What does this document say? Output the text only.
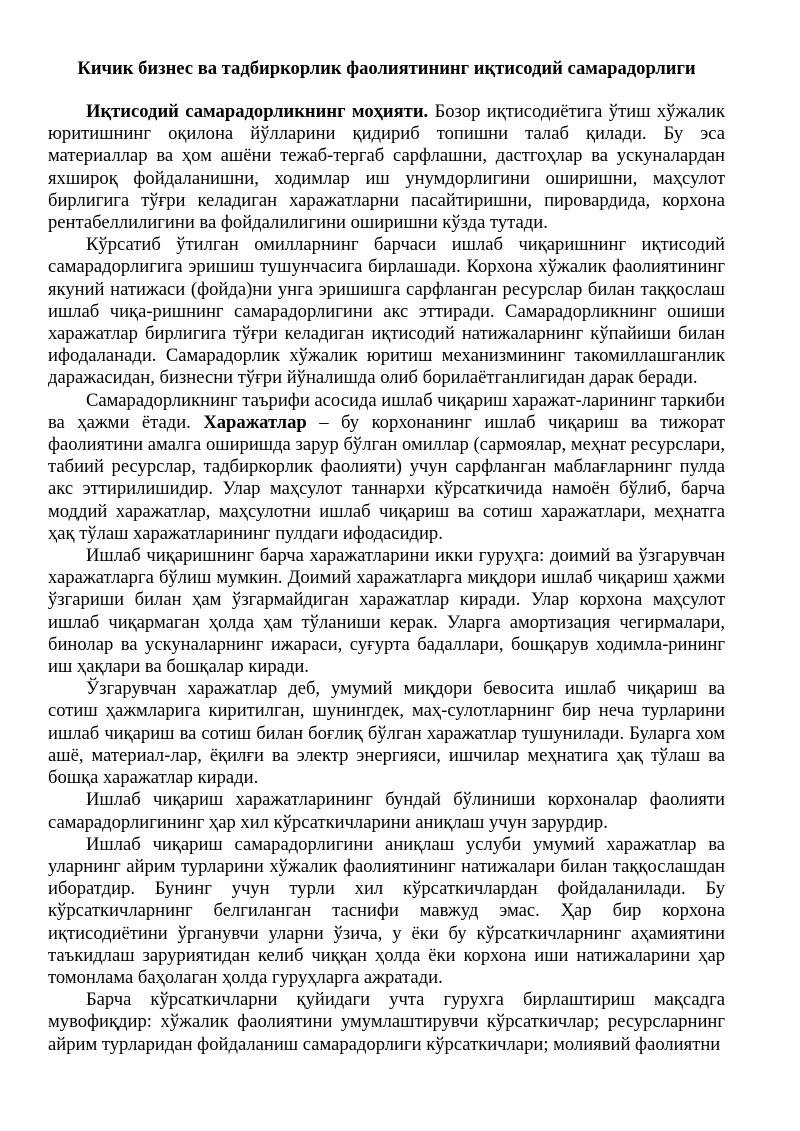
Кичик бизнес ва тадбиркорлик фаолиятининг иқтисодий самарадорлиги

Иқтисодий самарадорликнинг моҳияти. Бозор иқтисодиётига ўтиш хўжалик юритишнинг оқилона йўлларини қидириб топишни талаб қилади. Бу эса материаллар ва ҳом ашёни тежаб-тергаб сарфлашни, дастгоҳлар ва ускуналардан яхшироқ фойдаланишни, ходимлар иш унумдорлигини оширишни, маҳсулот бирлигига тўғри келадиган харажатларни пасайтиришни, пировардида, корхона рентабеллилигини ва фойдалилигини оширишни кўзда тутади.

Кўрсатиб ўтилган омилларнинг барчаси ишлаб чиқаришнинг иқтисодий самарадорлигига эришиш тушунчасига бирлашади. Корхона хўжалик фаолиятининг якуний натижаси (фойда)ни унга эришишга сарфланган ресурслар билан таққослаш ишлаб чиқа-ришнинг самарадорлигини акс эттиради. Самарадорликнинг ошиши харажатлар бирлигига тўғри келадиган иқтисодий натижаларнинг кўпайиши билан ифодаланади. Самарадорлик хўжалик юритиш механизмининг такомиллашганлик даражасидан, бизнесни тўғри йўналишда олиб борилаётганлигидан дарак беради.

Самарадорликнинг таърифи асосида ишлаб чиқариш харажат-ларининг таркиби ва ҳажми ётади. Харажатлар – бу корхонанинг ишлаб чиқариш ва тижорат фаолиятини амалга оширишда зарур бўлган омиллар (сармоялар, меҳнат ресурслари, табиий ресурслар, тадбиркорлик фаолияти) учун сарфланган маблағларнинг пулда акс эттирилишидир. Улар маҳсулот таннархи кўрсаткичида намоён бўлиб, барча моддий харажатлар, маҳсулотни ишлаб чиқариш ва сотиш харажатлари, меҳнатга ҳақ тўлаш харажатларининг пулдаги ифодасидир.

Ишлаб чиқаришнинг барча харажатларини икки гуруҳга: доимий ва ўзгарувчан харажатларга бўлиш мумкин. Доимий харажатларга миқдори ишлаб чиқариш ҳажми ўзгариши билан ҳам ўзгармайдиган харажатлар киради. Улар корхона маҳсулот ишлаб чиқармаган ҳолда ҳам тўланиши керак. Уларга амортизация чегирмалари, бинолар ва ускуналарнинг ижараси, суғурта бадаллари, бошқарув ходимла-рининг иш ҳақлари ва бошқалар киради.

Ўзгарувчан харажатлар деб, умумий миқдори бевосита ишлаб чиқариш ва сотиш ҳажмларига киритилган, шунингдек, маҳ-сулотларнинг бир неча турларини ишлаб чиқариш ва сотиш билан боғлиқ бўлган харажатлар тушунилади. Буларга хом ашё, материал-лар, ёқилғи ва электр энергияси, ишчилар меҳнатига ҳақ тўлаш ва бошқа харажатлар киради.

Ишлаб чиқариш харажатларининг бундай бўлиниши корхоналар фаолияти самарадорлигининг ҳар хил кўрсаткичларини аниқлаш учун зарурдир.

Ишлаб чиқариш самарадорлигини аниқлаш услуби умумий харажатлар ва уларнинг айрим турларини хўжалик фаолиятининг натижалари билан таққослашдан иборатдир. Бунинг учун турли хил кўрсаткичлардан фойдаланилади. Бу кўрсаткичларнинг белгиланган таснифи мавжуд эмас. Ҳар бир корхона иқтисодиётини ўрганувчи уларни ўзича, у ёки бу кўрсаткичларнинг аҳамиятини таъкидлаш заруриятидан келиб чиққан ҳолда ёки корхона иши натижаларини ҳар томонлама баҳолаган ҳолда гуруҳларга ажратади.

Барча кўрсаткичларни қуйидаги учта гурухга бирлаштириш мақсадга мувофиқдир: хўжалик фаолиятини умумлаштирувчи кўрсаткичлар; ресурсларнинг айрим турларидан фойдаланиш самарадорлиги кўрсаткичлари; молиявий фаолиятни
